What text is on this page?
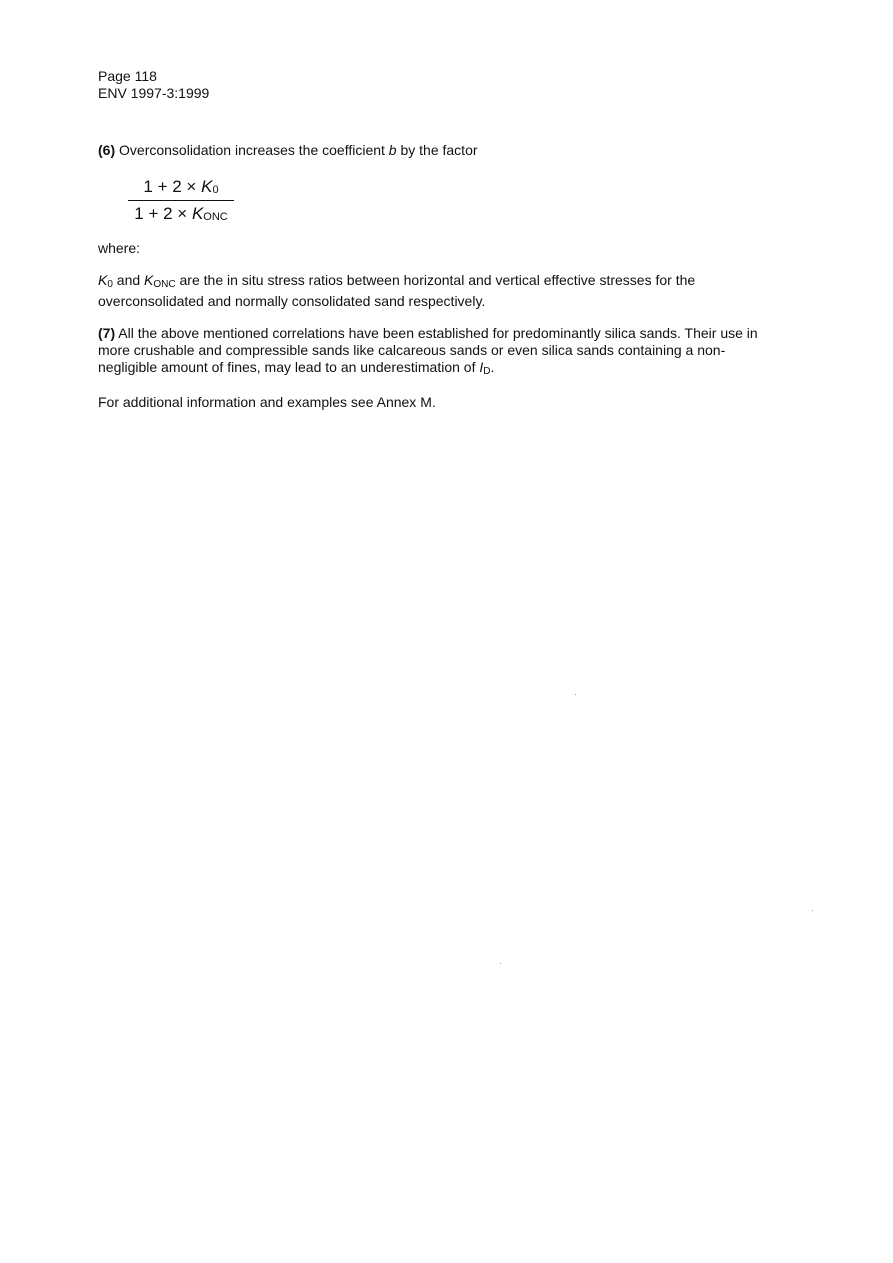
Page 118
ENV 1997-3:1999
(6) Overconsolidation increases the coefficient b by the factor
1 + 2 × K0
1 + 2 × KONC
where:
$K_0$ and $K_{ONC}$ are the in situ stress ratios between horizontal and vertical effective stresses for the overconsolidated and normally consolidated sand respectively.
(7) All the above mentioned correlations have been established for predominantly silica sands. Their use in more crushable and compressible sands like calcareous sands or even silica sands containing a non-negligible amount of fines, may lead to an underestimation of ID.
For additional information and examples see Annex M.
